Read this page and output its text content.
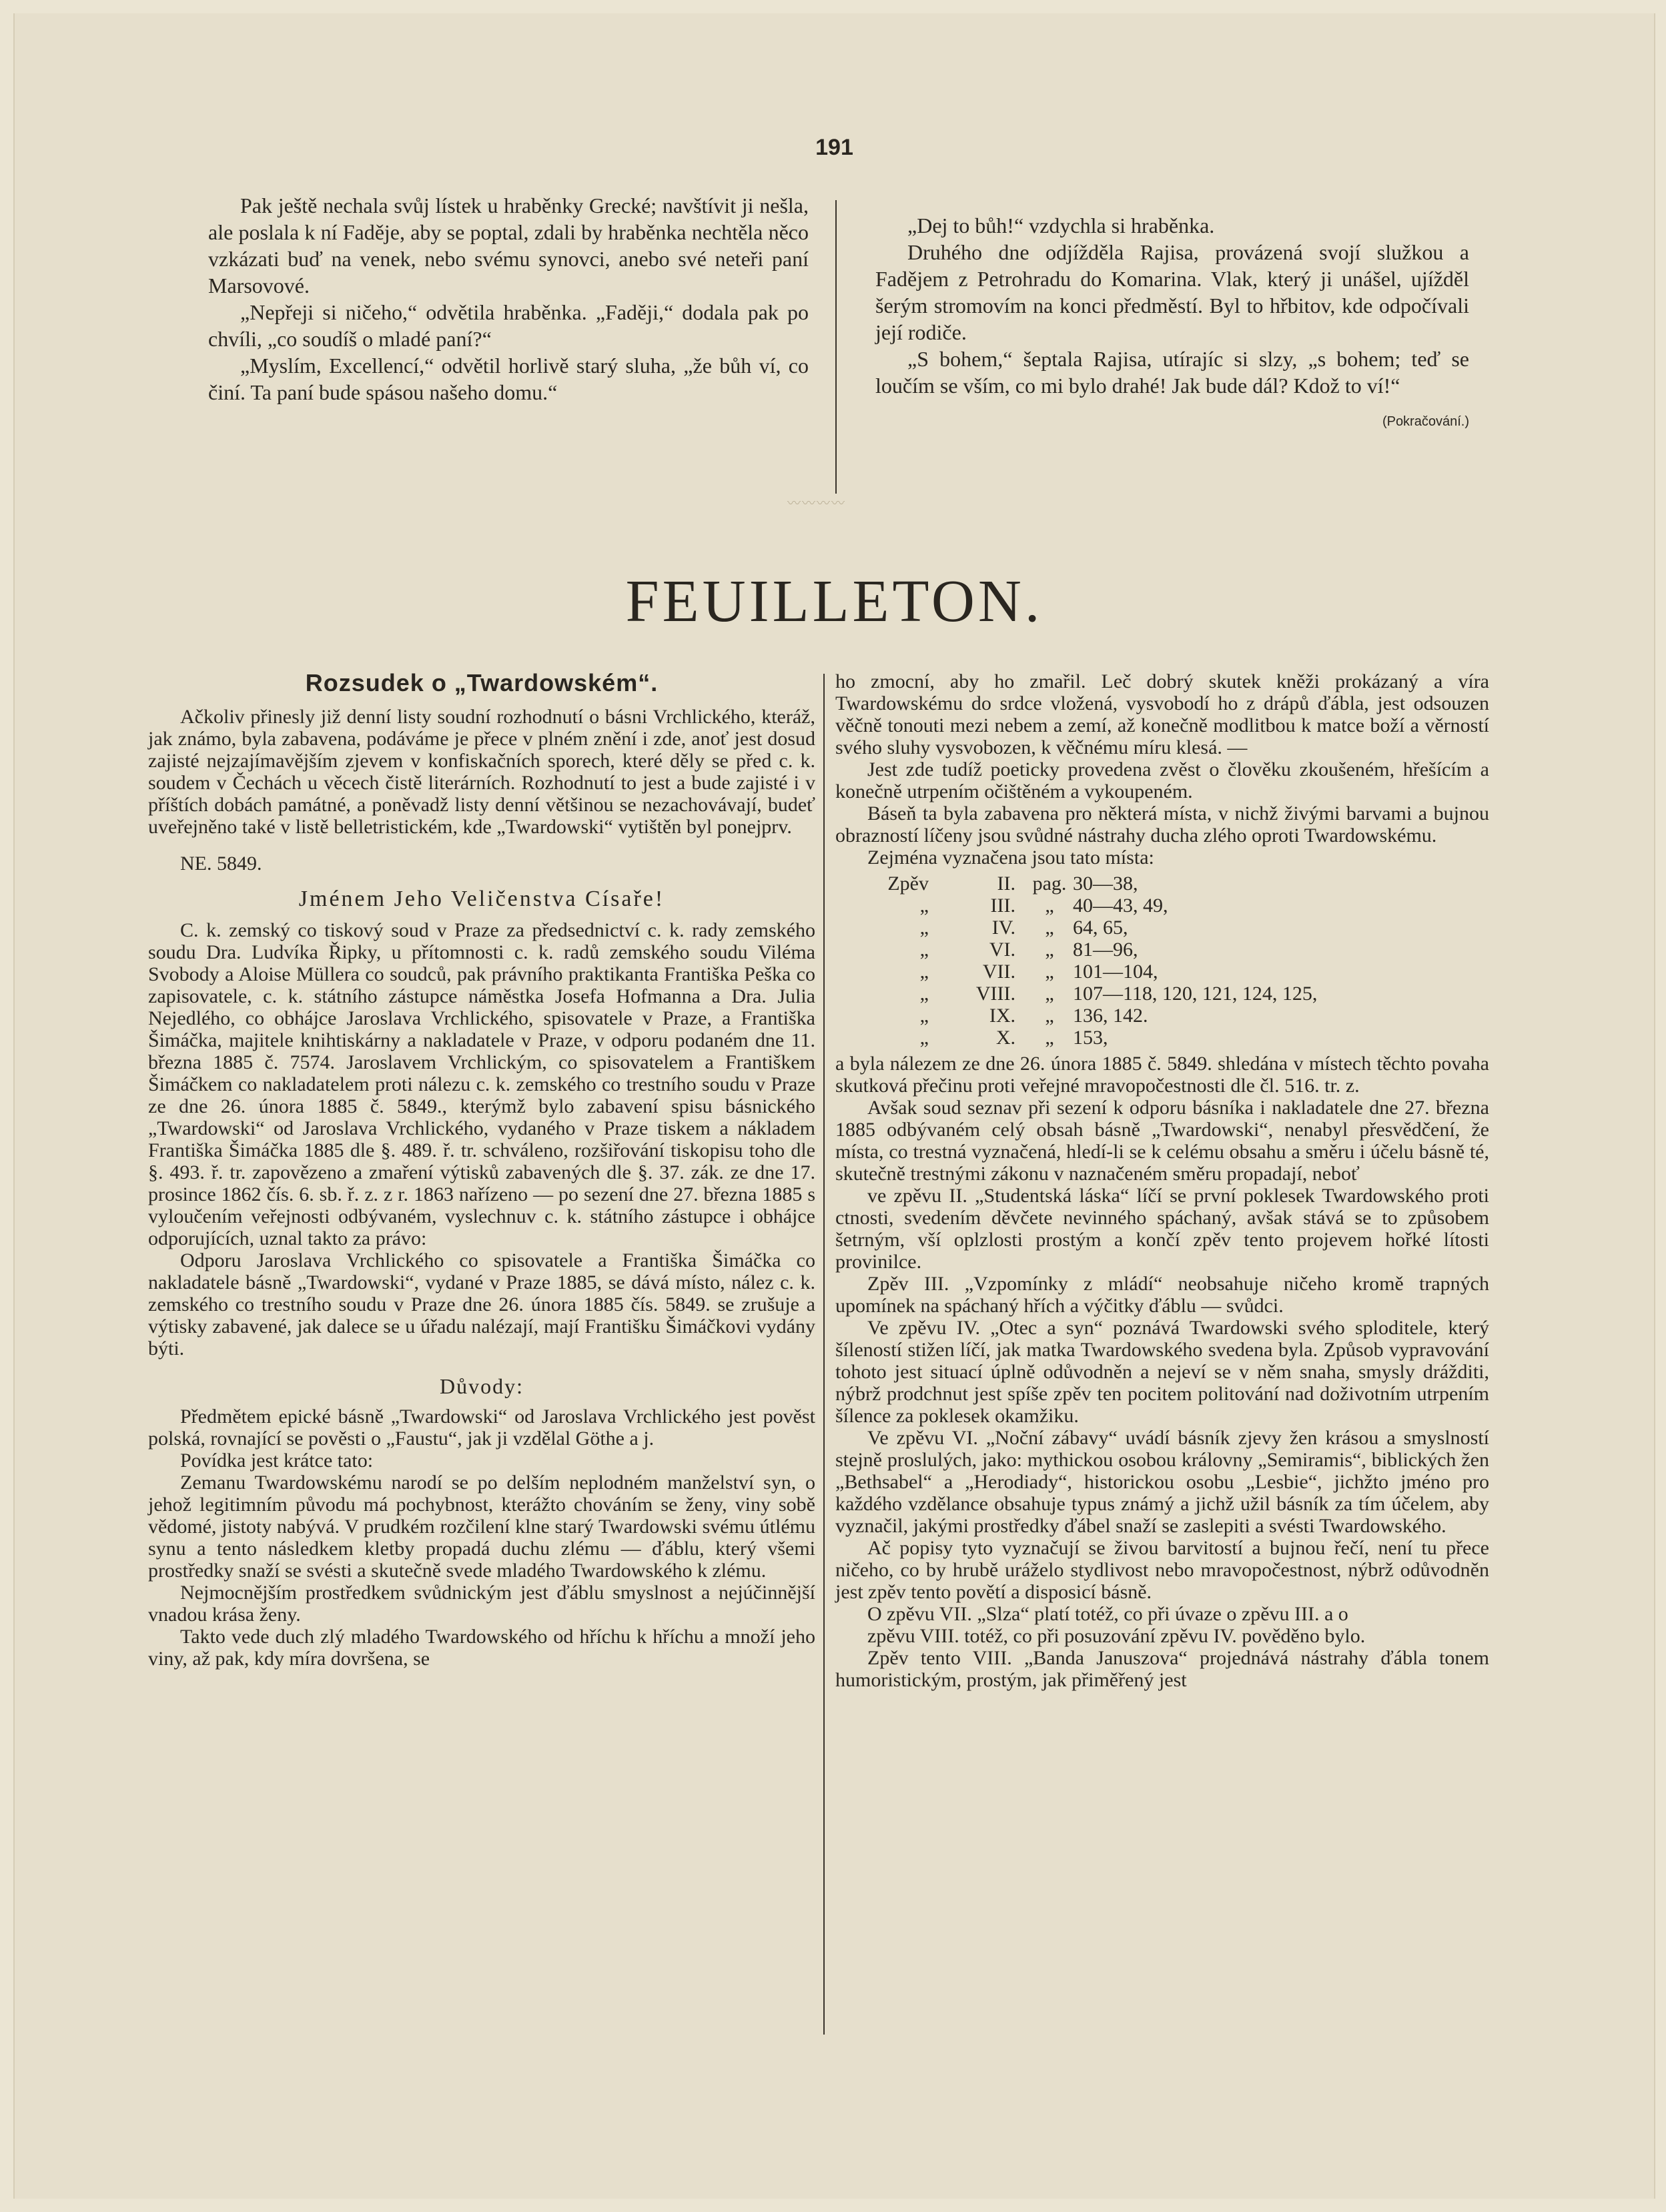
191

Pak ještě nechala svůj lístek u hraběnky Grecké; navštívit ji nešla, ale poslala k ní Faděje, aby se poptal, zdali by hraběnka nechtěla něco vzkázati buď na venek, nebo svému synovci, anebo své neteři paní Marsovové.

„Nepřeji si ničeho,“ odvětila hraběnka. „Faději,“ dodala pak po chvíli, „co soudíš o mladé paní?“

„Myslím, Excellencí,“ odvětil horlivě starý sluha, „že bůh ví, co činí. Ta paní bude spásou našeho domu.“

„Dej to bůh!“ vzdychla si hraběnka.

Druhého dne odjížděla Rajisa, provázená svojí služkou a Fadějem z Petrohradu do Komarina. Vlak, který ji unášel, ujížděl šerým stromovím na konci předměstí. Byl to hřbitov, kde odpočívali její rodiče.

„S bohem,“ šeptala Rajisa, utírajíc si slzy, „s bohem; teď se loučím se vším, co mi bylo drahé! Jak bude dál? Kdož to ví!“

(Pokračování.)

〰〰〰〰
FEUILLETON.

Rozsudek o „Twardowském“.

Ačkoliv přinesly již denní listy soudní rozhodnutí o básni Vrchlického, kteráž, jak známo, byla zabavena, podáváme je přece v plném znění i zde, anoť jest dosud zajisté nejzajímavějším zjevem v konfiskačních sporech, které děly se před c. k. soudem v Čechách u věcech čistě literárních. Rozhodnutí to jest a bude zajisté i v příštích dobách památné, a poněvadž listy denní většinou se nezachovávají, budeť uveřejněno také v listě belletristickém, kde „Twardowski“ vytištěn byl ponejprv.

NE. 5849.

Jménem Jeho Veličenstva Císaře!

C. k. zemský co tiskový soud v Praze za předsednictví c. k. rady zemského soudu Dra. Ludvíka Řipky, u přítomnosti c. k. radů zemského soudu Viléma Svobody a Aloise Müllera co soudců, pak právního praktikanta Františka Peška co zapisovatele, c. k. státního zástupce náměstka Josefa Hofmanna a Dra. Julia Nejedlého, co obhájce Jaroslava Vrchlického, spisovatele v Praze, a Františka Šimáčka, majitele knihtiskárny a nakladatele v Praze, v odporu podaném dne 11. března 1885 č. 7574. Jaroslavem Vrchlickým, co spisovatelem a Františkem Šimáčkem co nakladatelem proti nálezu c. k. zemského co trestního soudu v Praze ze dne 26. února 1885 č. 5849., kterýmž bylo zabavení spisu básnického „Twardowski“ od Jaroslava Vrchlického, vydaného v Praze tiskem a nákladem Františka Šimáčka 1885 dle §. 489. ř. tr. schváleno, rozšiřování tiskopisu toho dle §. 493. ř. tr. zapovězeno a zmaření výtisků zabavených dle §. 37. zák. ze dne 17. prosince 1862 čís. 6. sb. ř. z. z r. 1863 nařízeno — po sezení dne 27. března 1885 s vyloučením veřejnosti odbývaném, vyslechnuv c. k. státního zástupce i obhájce odporujících, uznal takto za právo:

Odporu Jaroslava Vrchlického co spisovatele a Františka Šimáčka co nakladatele básně „Twardowski“, vydané v Praze 1885, se dává místo, nález c. k. zemského co trestního soudu v Praze dne 26. února 1885 čís. 5849. se zrušuje a výtisky zabavené, jak dalece se u úřadu nalézají, mají Františku Šimáčkovi vydány býti.

Důvody:

Předmětem epické básně „Twardowski“ od Jaroslava Vrchlického jest pověst polská, rovnající se pověsti o „Faustu“, jak ji vzdělal Göthe a j.

Povídka jest krátce tato:

Zemanu Twardowskému narodí se po delším neplodném manželství syn, o jehož legitimním původu má pochybnost, kterážto chováním se ženy, viny sobě vědomé, jistoty nabývá. V prudkém rozčilení klne starý Twardowski svému útlému synu a tento následkem kletby propadá duchu zlému — ďáblu, který všemi prostředky snaží se svésti a skutečně svede mladého Twardowského k zlému.

Nejmocnějším prostředkem svůdnickým jest ďáblu smyslnost a nejúčinnější vnadou krása ženy.

Takto vede duch zlý mladého Twardowského od hříchu k hříchu a množí jeho viny, až pak, kdy míra dovršena, se

ho zmocní, aby ho zmařil. Leč dobrý skutek kněži prokázaný a víra Twardowskému do srdce vložená, vysvobodí ho z drápů ďábla, jest odsouzen věčně tonouti mezi nebem a zemí, až konečně modlitbou k matce boží a věrností svého sluhy vysvobozen, k věčnému míru klesá. —

Jest zde tudíž poeticky provedena zvěst o člověku zkoušeném, hřešícím a konečně utrpením očištěném a vykoupeném.

Báseň ta byla zabavena pro některá místa, v nichž živými barvami a bujnou obrazností líčeny jsou svůdné nástrahy ducha zlého oproti Twardowskému.

Zejména vyznačena jsou tato místa:

Zpěv	II. pag. 30—38,
„	III.	„ 40—43, 49,
„	IV.	„ 64, 65,
„	VI.	„ 81—96,
„	VII.	„ 101—104,
„	VIII.	„ 107—118, 120, 121, 124, 125,
„	IX.	„ 136, 142.
„	X.	„ 153,

a byla nálezem ze dne 26. února 1885 č. 5849. shledána v místech těchto povaha skutková přečinu proti veřejné mravopočestnosti dle čl. 516. tr. z.

Avšak soud seznav při sezení k odporu básníka i nakladatele dne 27. března 1885 odbývaném celý obsah básně „Twardowski“, nenabyl přesvědčení, že místa, co trestná vyznačená, hledí-li se k celému obsahu a směru i účelu básně té, skutečně trestnými zákonu v naznačeném směru propadají, neboť

ve zpěvu II. „Studentská láska“ líčí se první poklesek Twardowského proti ctnosti, svedením děvčete nevinného spáchaný, avšak stává se to způsobem šetrným, vší oplzlosti prostým a končí zpěv tento projevem hořké lítosti provinilce.

Zpěv III. „Vzpomínky z mládí“ neobsahuje ničeho kromě trapných upomínek na spáchaný hřích a výčitky ďáblu — svůdci.

Ve zpěvu IV. „Otec a syn“ poznává Twardowski svého sploditele, který šíleností stižen líčí, jak matka Twardowského svedena byla. Způsob vypravování tohoto jest situací úplně odůvodněn a nejeví se v něm snaha, smysly drážditi, nýbrž prodchnut jest spíše zpěv ten pocitem politování nad doživotním utrpením šílence za poklesek okamžiku.

Ve zpěvu VI. „Noční zábavy“ uvádí básník zjevy žen krásou a smyslností stejně proslulých, jako: mythickou osobou královny „Semiramis“, biblických žen „Bethsabel“ a „Herodiady“, historickou osobu „Lesbie“, jichžto jméno pro každého vzdělance obsahuje typus známý a jichž užil básník za tím účelem, aby vyznačil, jakými prostředky ďábel snaží se zaslepiti a svésti Twardowského.

Ač popisy tyto vyznačují se živou barvitostí a bujnou řečí, není tu přece ničeho, co by hrubě uráželo stydlivost nebo mravopočestnost, nýbrž odůvodněn jest zpěv tento povětí a disposicí básně.

O zpěvu VII. „Slza“ platí totéž, co při úvaze o zpěvu III. a o

zpěvu VIII. totéž, co při posuzování zpěvu IV. pověděno bylo.

Zpěv tento VIII. „Banda Januszova“ projednává nástrahy ďábla tonem humoristickým, prostým, jak přiměřený jest
